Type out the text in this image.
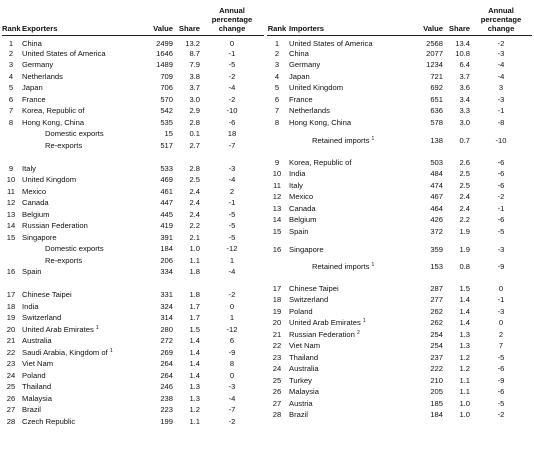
Rank	Exporters	Value	Share	Annual
percentage
change
1	China	2499	13.2	0
2	United States of America	1646	8.7	-1
3	Germany	1489	7.9	-5
4	Netherlands	709	3.8	-2
5	Japan	706	3.7	-4
6	France	570	3.0	-2
7	Korea, Republic of	542	2.9	-10
8	Hong Kong, China	535	2.8	-6
	Domestic exports	15	0.1	18
	Re-exports	517	2.7	-7

9	Italy	533	2.8	-3
10	United Kingdom	469	2.5	-4
11	Mexico	461	2.4	2
12	Canada	447	2.4	-1
13	Belgium	445	2.4	-5
14	Russian Federation	419	2.2	-5
15	Singapore	391	2.1	-5
	Domestic exports	184	1.0	-12
	Re-exports	206	1.1	1
16	Spain	334	1.8	-4

17	Chinese Taipei	331	1.8	-2
18	India	324	1.7	0
19	Switzerland	314	1.7	1
20	United Arab Emirates $^1$	280	1.5	-12
21	Australia	272	1.4	6
22	Saudi Arabia, Kingdom of $^1$	269	1.4	-9
23	Viet Nam	264	1.4	8
24	Poland	264	1.4	0
25	Thailand	246	1.3	-3
26	Malaysia	238	1.3	-4
27	Brazil	223	1.2	-7
28	Czech Republic	199	1.1	-2
Rank	Importers	Value	Share	Annual
percentage
change
1	United States of America	2568	13.4	-2
2	China	2077	10.8	-3
3	Germany	1234	6.4	-4
4	Japan	721	3.7	-4
5	United Kingdom	692	3.6	3
6	France	651	3.4	-3
7	Netherlands	636	3.3	-1
8	Hong Kong, China	578	3.0	-8
	Retained imports $^1$	138	0.7	-10

9	Korea, Republic of	503	2.6	-6
10	India	484	2.5	-6
11	Italy	474	2.5	-6
12	Mexico	467	2.4	-2
13	Canada	464	2.4	-1
14	Belgium	426	2.2	-6
15	Spain	372	1.9	-5
16	Singapore	359	1.9	-3
	Retained imports $^1$	153	0.8	-9

17	Chinese Taipei	287	1.5	0
18	Switzerland	277	1.4	-1
19	Poland	262	1.4	-3
20	United Arab Emirates $^1$	262	1.4	0
21	Russian Federation $^2$	254	1.3	2
22	Viet Nam	254	1.3	7
23	Thailand	237	1.2	-5
24	Australia	222	1.2	-6
25	Turkey	210	1.1	-9
26	Malaysia	205	1.1	-6
27	Austria	185	1.0	-5
28	Brazil	184	1.0	-2
